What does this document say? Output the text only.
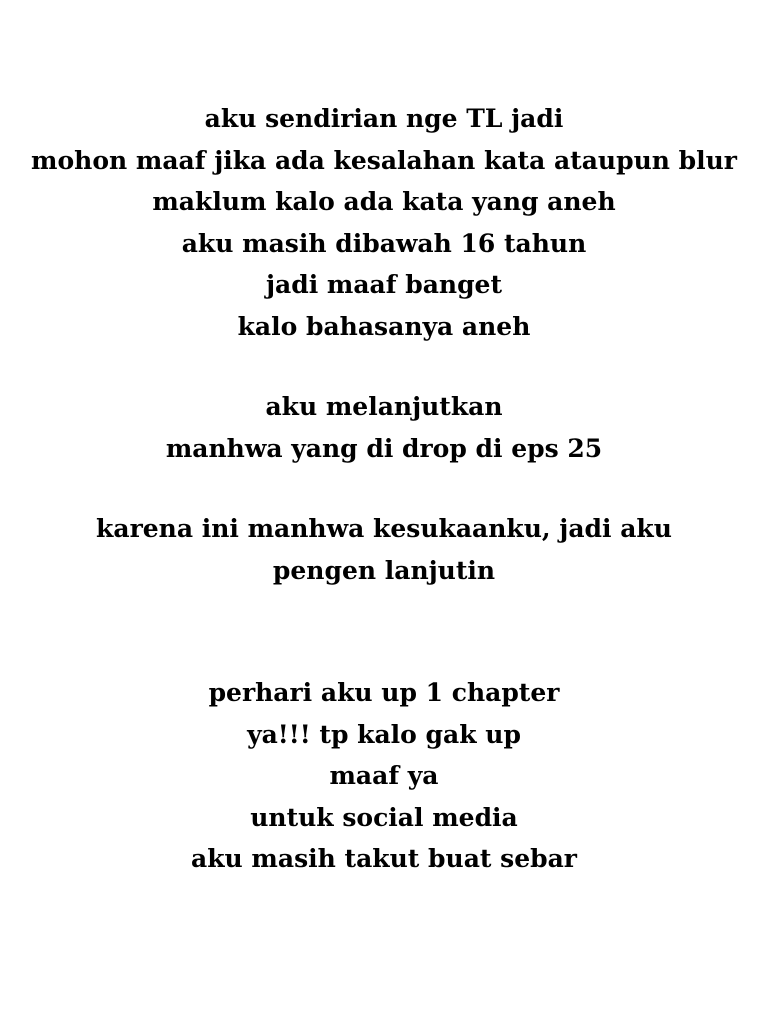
aku sendirian nge TL jadi
mohon maaf jika ada kesalahan kata ataupun blur
maklum kalo ada kata yang aneh
aku masih dibawah 16 tahun
jadi maaf banget
kalo bahasanya aneh
aku melanjutkan
manhwa yang di drop di eps 25
karena ini manhwa kesukaanku, jadi aku
pengen lanjutin
perhari aku up 1 chapter
ya!!! tp kalo gak up
maaf ya
untuk social media
aku masih takut buat sebar
